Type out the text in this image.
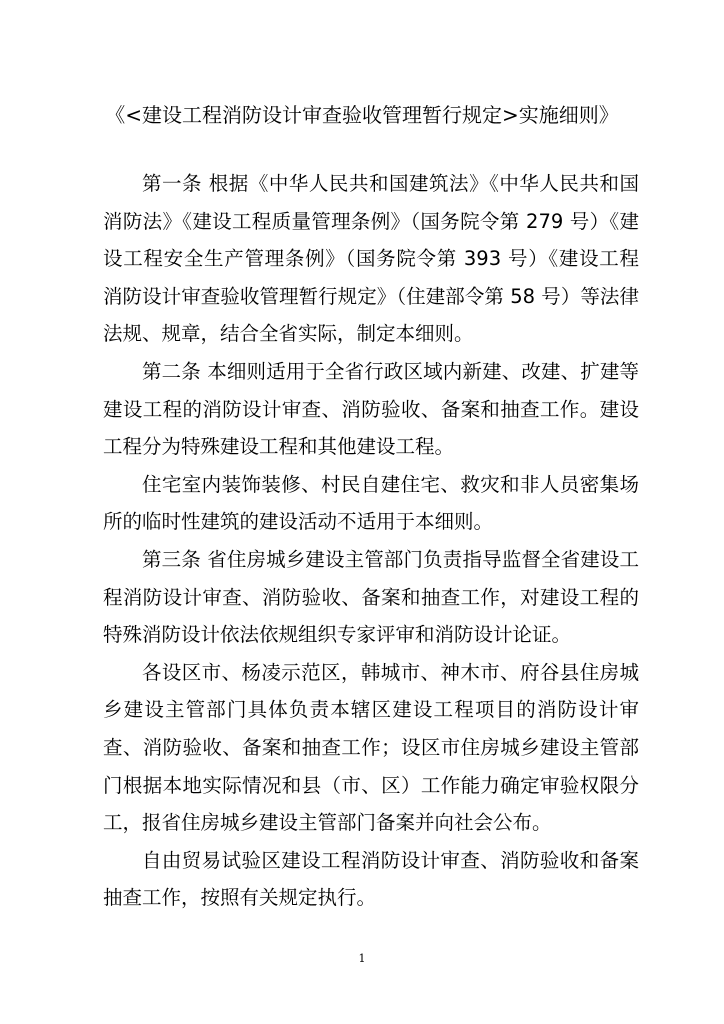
《<建设工程消防设计审查验收管理暂行规定>实施细则》

第一条 根据《中华人民共和国建筑法》《中华人民共和国消防法》《建设工程质量管理条例》（国务院令第 279 号）《建设工程安全生产管理条例》（国务院令第 393 号）《建设工程消防设计审查验收管理暂行规定》（住建部令第 58 号）等法律法规、规章，结合全省实际，制定本细则。

第二条 本细则适用于全省行政区域内新建、改建、扩建等建设工程的消防设计审查、消防验收、备案和抽查工作。建设工程分为特殊建设工程和其他建设工程。

住宅室内装饰装修、村民自建住宅、救灾和非人员密集场所的临时性建筑的建设活动不适用于本细则。

第三条 省住房城乡建设主管部门负责指导监督全省建设工程消防设计审查、消防验收、备案和抽查工作，对建设工程的特殊消防设计依法依规组织专家评审和消防设计论证。

各设区市、杨凌示范区，韩城市、神木市、府谷县住房城乡建设主管部门具体负责本辖区建设工程项目的消防设计审查、消防验收、备案和抽查工作；设区市住房城乡建设主管部门根据本地实际情况和县（市、区）工作能力确定审验权限分工，报省住房城乡建设主管部门备案并向社会公布。

自由贸易试验区建设工程消防设计审查、消防验收和备案抽查工作，按照有关规定执行。

1
